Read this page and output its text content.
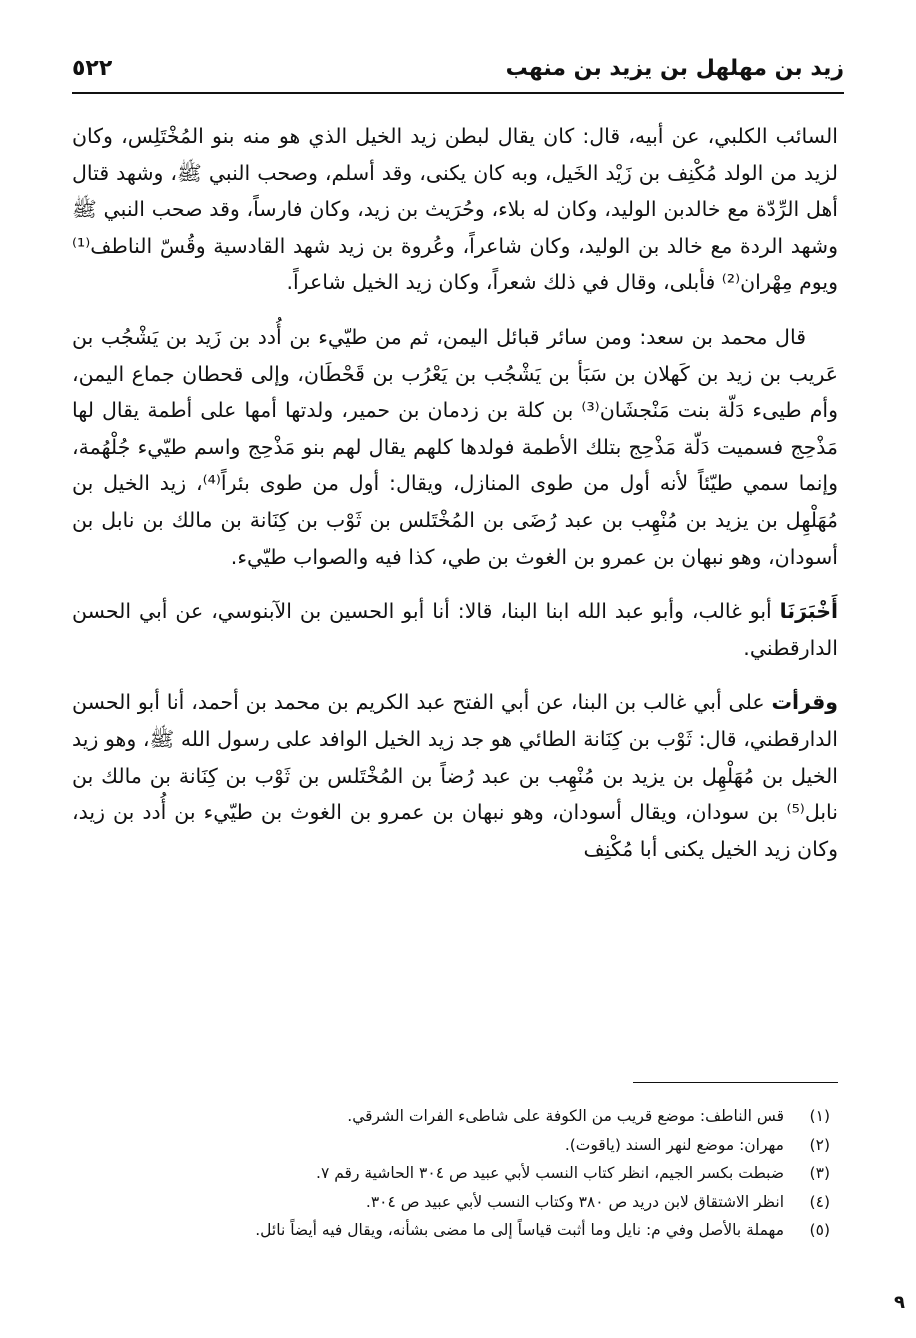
زيد بن مهلهل بن يزيد بن منهب
٥٢٢

السائب الكلبي، عن أبيه، قال: كان يقال لبطن زيد الخيل الذي هو منه بنو المُخْتَلِس، وكان لزيد من الولد مُكْنِف بن زَيْد الخَيل، وبه كان يكنى، وقد أسلم، وصحب النبي ﷺ، وشهد قتال أهل الرِّدّة مع خالدبن الوليد، وكان له بلاء، وحُرَيث بن زيد، وكان فارساً، وقد صحب النبي ﷺ وشهد الردة مع خالد بن الوليد، وكان شاعراً، وعُروة بن زيد شهد القادسية وقُسّ الناطف⁽¹⁾ ويوم مِهْران⁽²⁾ فأبلى، وقال في ذلك شعراً، وكان زيد الخيل شاعراً.

قال محمد بن سعد: ومن سائر قبائل اليمن، ثم من طيّيء بن أُدد بن زَيد بن يَشْجُب بن عَريب بن زيد بن كَهلان بن سَبَأ بن يَشْجُب بن يَعْرُب بن قَحْطَان، وإلى قحطان جماع اليمن، وأم طيىء دَلّة بنت مَنْجشَان⁽³⁾ بن كلة بن زدمان بن حمير، ولدتها أمها على أطمة يقال لها مَذْحِج فسميت دَلّة مَذْحِج بتلك الأطمة فولدها كلهم يقال لهم بنو مَذْحِج واسم طيّيء جُلْهُمة، وإنما سمي طيّئاً لأنه أول من طوى المنازل، ويقال: أول من طوى بئراً⁽⁴⁾، زيد الخيل بن مُهَلْهِل بن يزيد بن مُنْهِب بن عبد رُضَى بن المُخْتَلس بن ثَوْب بن كِنَانة بن مالك بن نابل بن أسودان، وهو نبهان بن عمرو بن الغوث بن طي، كذا فيه والصواب طيّيء.

أَخْبَرَنَا أبو غالب، وأبو عبد الله ابنا البنا، قالا: أنا أبو الحسين بن الآبنوسي، عن أبي الحسن الدارقطني.

وقرأت على أبي غالب بن البنا، عن أبي الفتح عبد الكريم بن محمد بن أحمد، أنا أبو الحسن الدارقطني، قال: ثَوْب بن كِنَانة الطائي هو جد زيد الخيل الوافد على رسول الله ﷺ، وهو زيد الخيل بن مُهَلْهِل بن يزيد بن مُنْهِب بن عبد رُضاً بن المُخْتَلس بن ثَوْب بن كِنَانة بن مالك بن نابل⁽⁵⁾ بن سودان، ويقال أسودان، وهو نبهان بن عمرو بن الغوث بن طيّيء بن أُدد بن زيد، وكان زيد الخيل يكنى أبا مُكْنِف

(١)
قس الناطف: موضع قريب من الكوفة على شاطىء الفرات الشرقي.
(٢)
مهران: موضع لنهر السند (ياقوت).
(٣)
ضبطت بكسر الجيم، انظر كتاب النسب لأبي عبيد ص ٣٠٤ الحاشية رقم ٧.
(٤)
انظر الاشتقاق لابن دريد ص ٣٨٠ وكتاب النسب لأبي عبيد ص ٣٠٤.
(٥)
مهملة بالأصل وفي م: نايل وما أثبت قياساً إلى ما مضى بشأنه، ويقال فيه أيضاً نائل.
٩
